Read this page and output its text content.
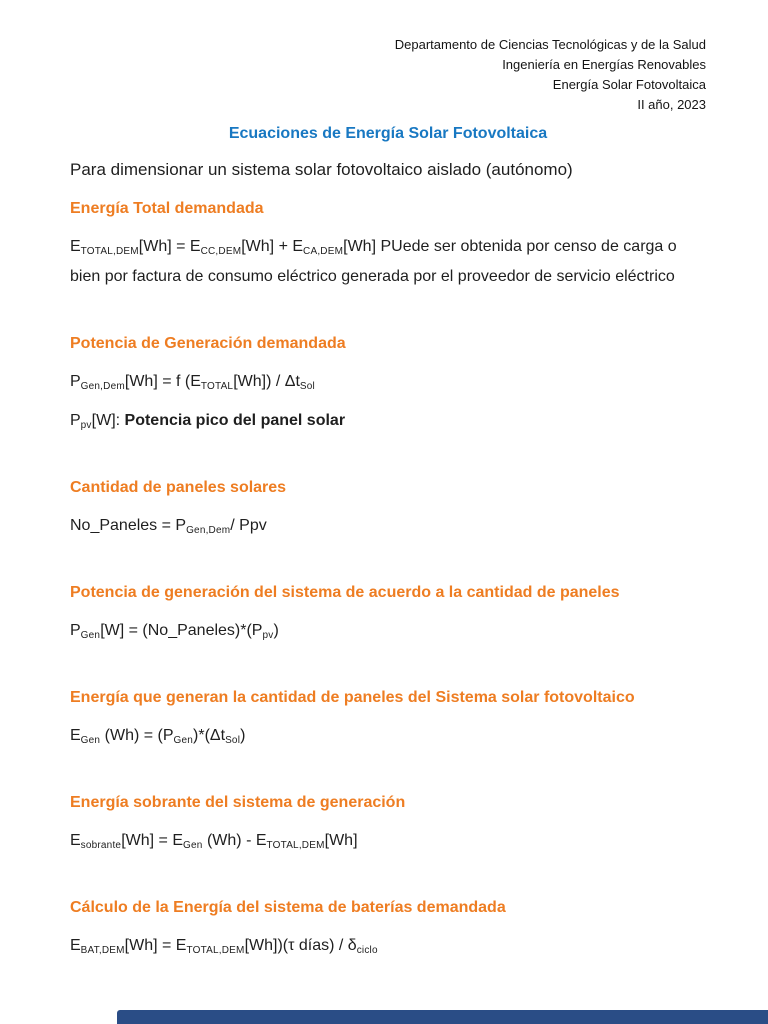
Departamento de Ciencias Tecnológicas y de la Salud
Ingeniería en Energías Renovables
Energía Solar Fotovoltaica
II año, 2023
Ecuaciones de Energía Solar Fotovoltaica
Para dimensionar un sistema solar fotovoltaico aislado (autónomo)
Energía Total demandada
$E_{TOTAL,DEM}[Wh] = E_{CC,DEM}[Wh] + E_{CA,DEM}[Wh]$ PUede ser obtenida por censo de carga o
bien por factura de consumo eléctrico generada por el proveedor de servicio eléctrico
Potencia de Generación demandada
$P_{Gen,Dem}[Wh] = f$ $(E_{TOTAL}[Wh]) / \Delta t_{Sol}$
$P_{pv}[W]$: Potencia pico del panel solar
Cantidad de paneles solares
No_Paneles = $P_{Gen,Dem}/$ Ppv
Potencia de generación del sistema de acuerdo a la cantidad de paneles
$P_{Gen}[W]$ = $(No\_Paneles)*(P_{pv})$
Energía que generan la cantidad de paneles del Sistema solar fotovoltaico
$E_{Gen}$ $(Wh) = (P_{Gen})*(\Delta t_{Sol})$
Energía sobrante del sistema de generación
$E_{sobrante}[Wh] = E_{Gen}$ $(Wh) - E_{TOTAL,DEM}[Wh]$
Cálculo de la Energía del sistema de baterías demandada
$E_{BAT,DEM}[Wh] = E_{TOTAL,DEM}[Wh])(\tau$ días) / $\delta_{ciclo}$
